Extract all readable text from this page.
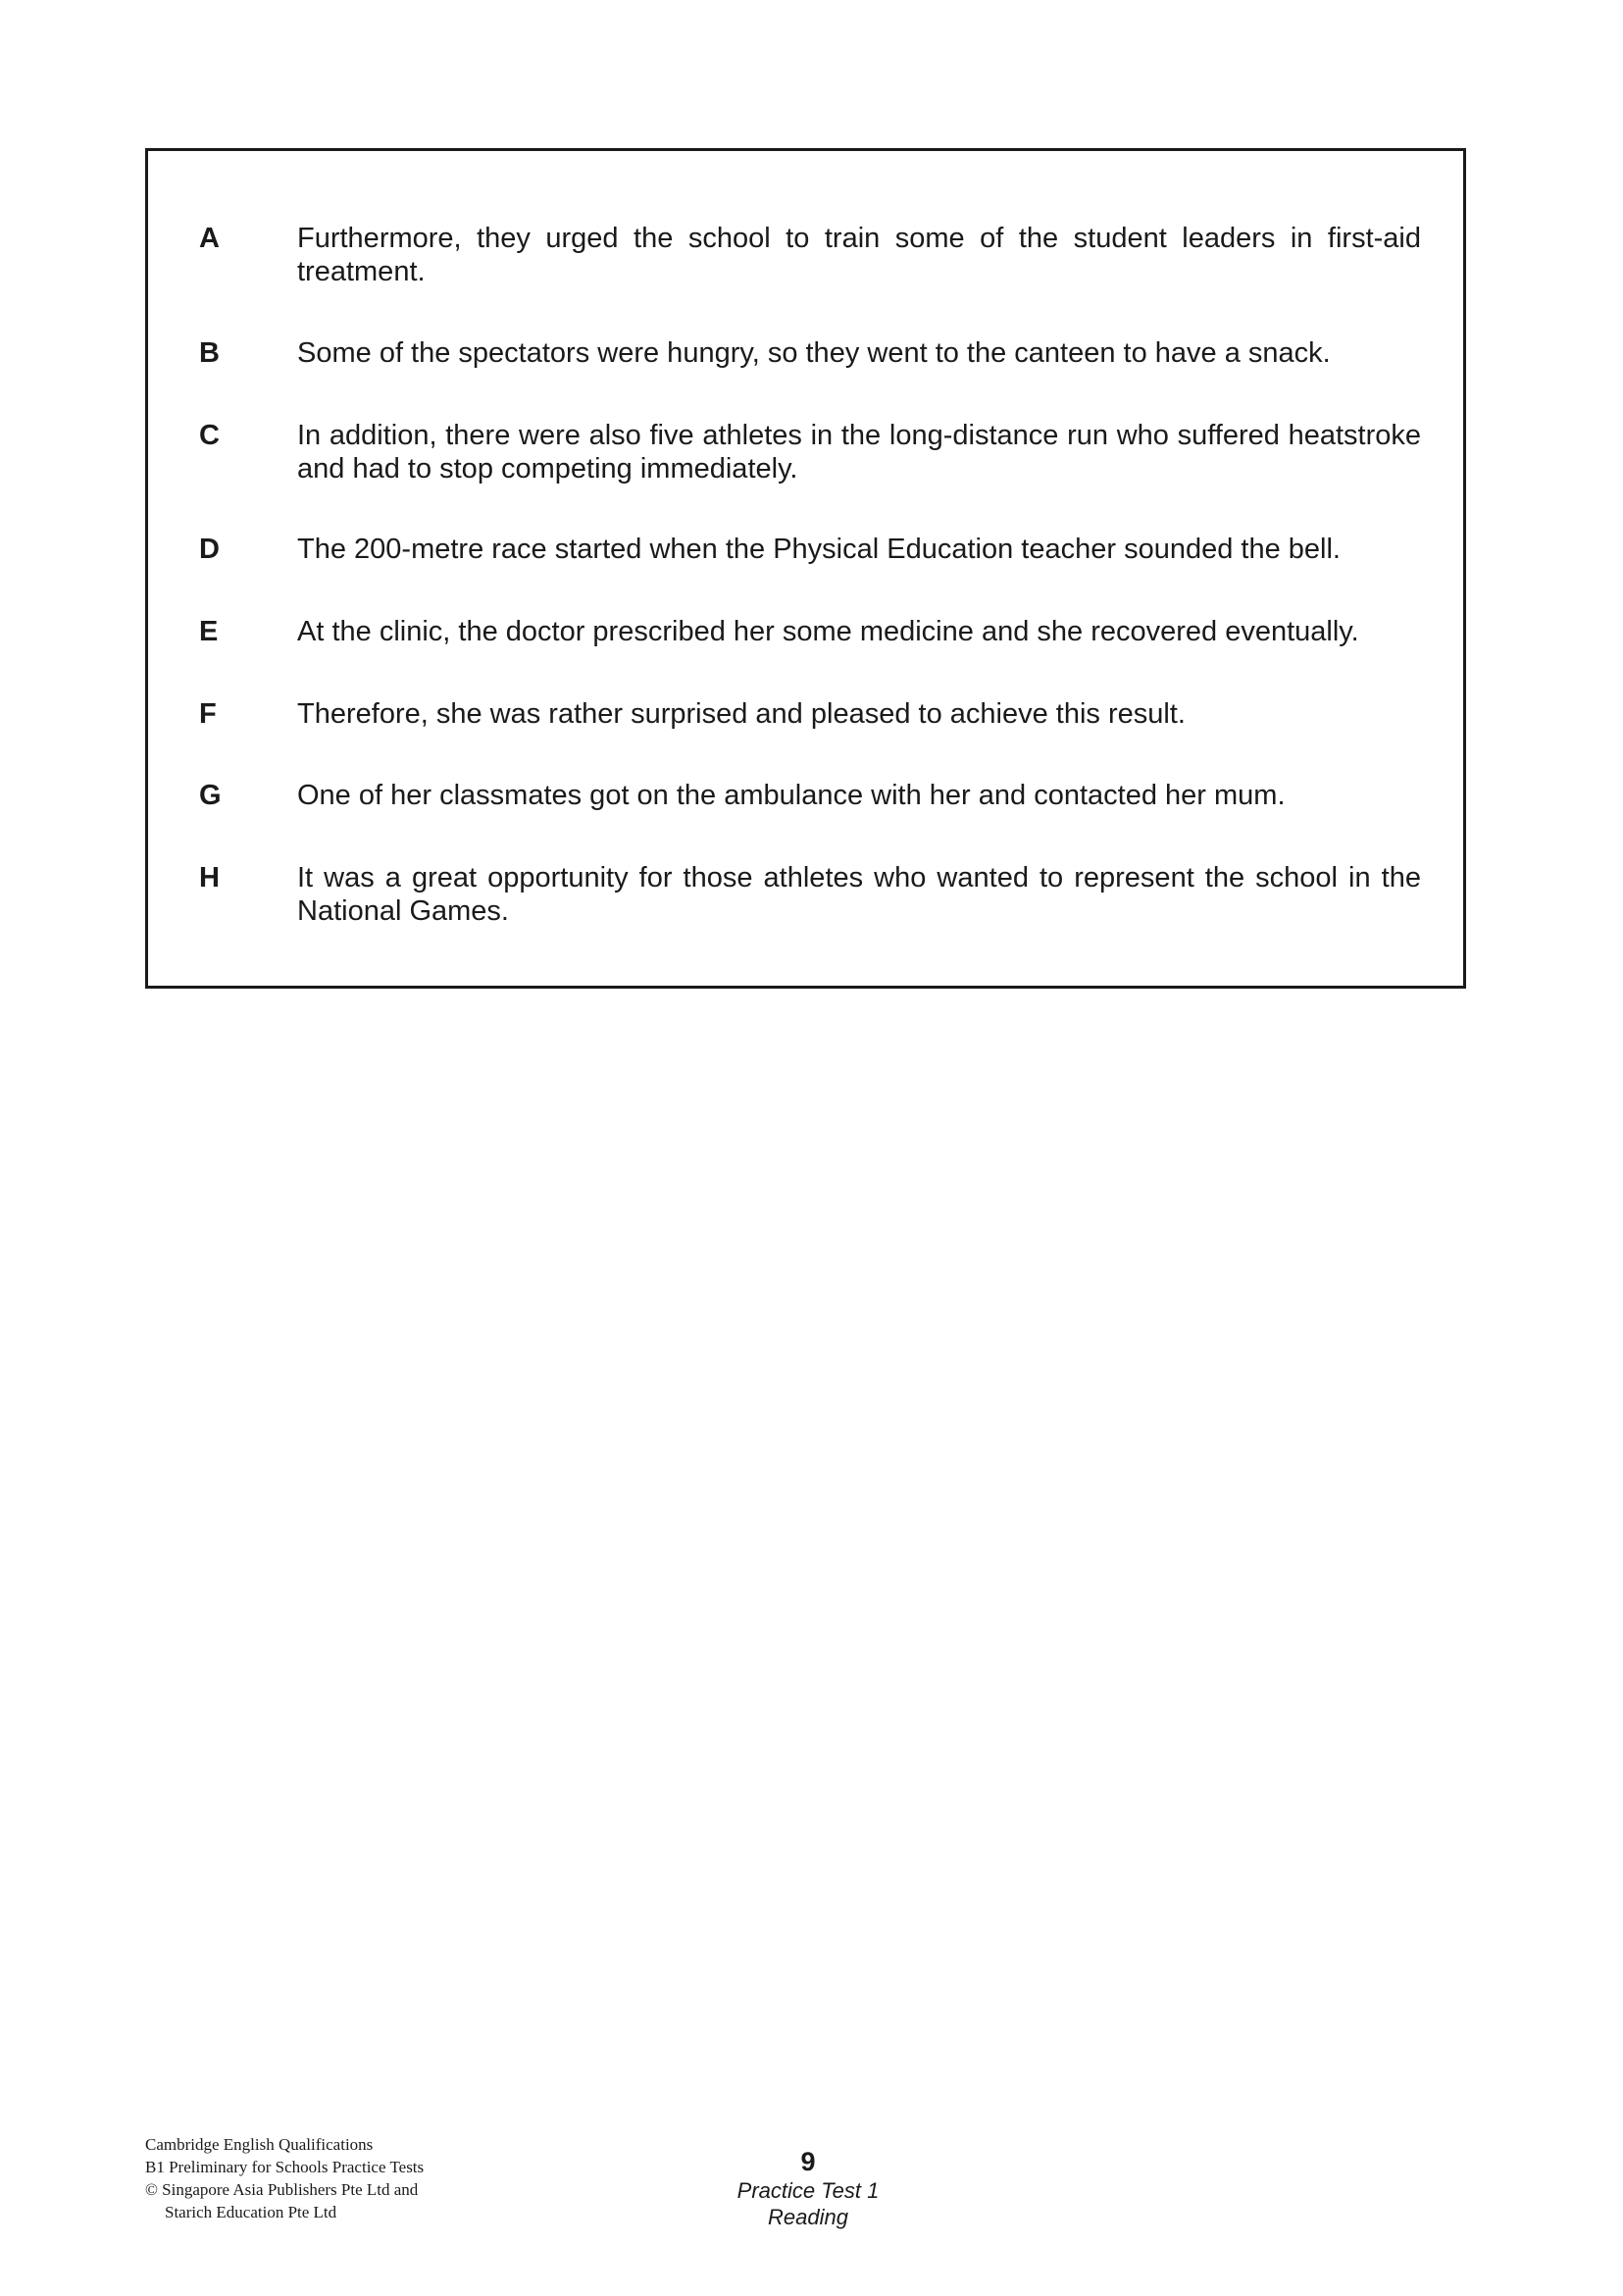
A	Furthermore, they urged the school to train some of the student leaders in first-aid treatment.
B	Some of the spectators were hungry, so they went to the canteen to have a snack.
C	In addition, there were also five athletes in the long-distance run who suffered heatstroke and had to stop competing immediately.
D	The 200-metre race started when the Physical Education teacher sounded the bell.
E	At the clinic, the doctor prescribed her some medicine and she recovered eventually.
F	Therefore, she was rather surprised and pleased to achieve this result.
G	One of her classmates got on the ambulance with her and contacted her mum.
H	It was a great opportunity for those athletes who wanted to represent the school in the National Games.
Cambridge English Qualifications
B1 Preliminary for Schools Practice Tests
© Singapore Asia Publishers Pte Ltd and
Starich Education Pte Ltd
9
Practice Test 1
Reading
